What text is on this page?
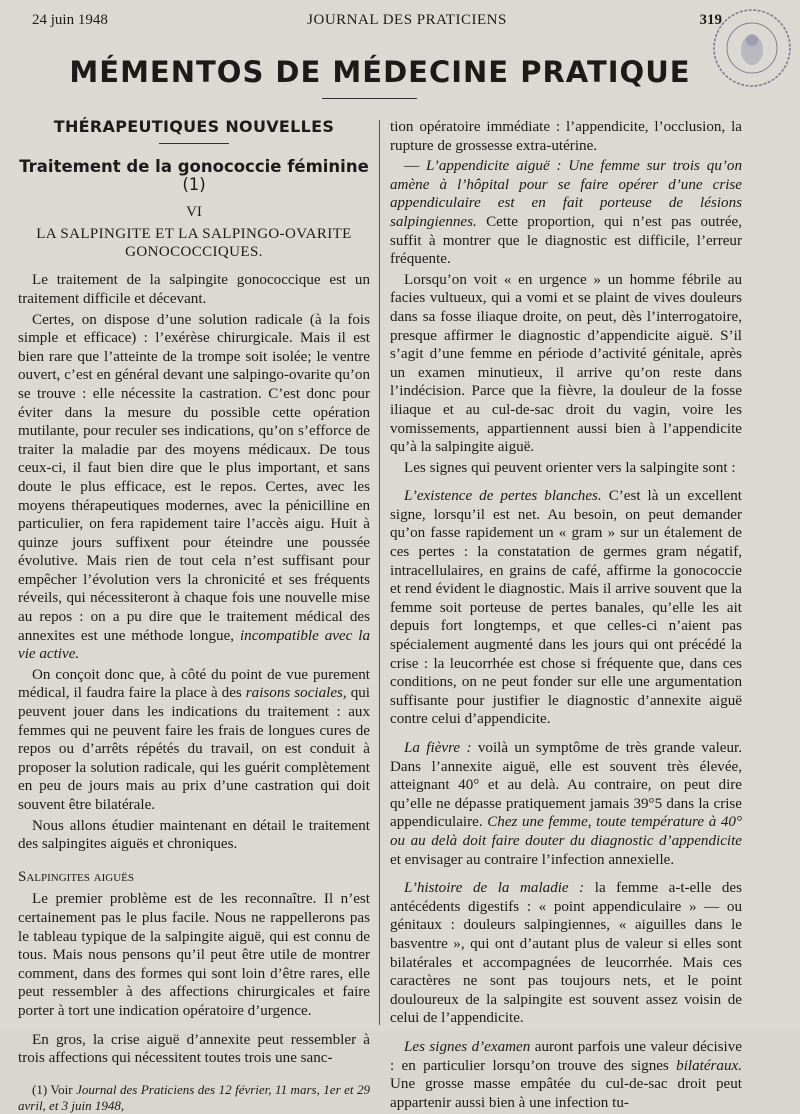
24 juin 1948	JOURNAL DES PRATICIENS	319
MÉMENTOS DE MÉDECINE PRATIQUE
THÉRAPEUTIQUES NOUVELLES
Traitement de la gonococcie féminine (1)
VI
LA SALPINGITE ET LA SALPINGO-OVARITE GONOCOCCIQUES.

Le traitement de la salpingite gonococcique est un traitement difficile et décevant.

Certes, on dispose d’une solution radicale (à la fois simple et efficace) : l’exérèse chirurgicale. Mais il est bien rare que l’atteinte de la trompe soit isolée; le ventre ouvert, c’est en général devant une salpingo-ovarite qu’on se trouve : elle nécessite la castration. C’est donc pour éviter dans la mesure du possible cette opération mutilante, pour reculer ses indications, qu’on s’efforce de traiter la maladie par des moyens médicaux. De tous ceux-ci, il faut bien dire que le plus important, et sans doute le plus efficace, est le repos. Certes, avec les moyens thérapeutiques modernes, avec la pénicilline en particulier, on fera rapidement taire l’accès aigu. Huit à quinze jours suffixent pour éteindre une poussée évolutive. Mais rien de tout cela n’est suffisant pour empêcher l’évolution vers la chronicité et ses fréquents réveils, qui nécessiteront à chaque fois une nouvelle mise au repos : on a pu dire que le traitement médical des annexites est une méthode longue, incompatible avec la vie active.

On conçoit donc que, à côté du point de vue purement médical, il faudra faire la place à des raisons sociales, qui peuvent jouer dans les indications du traitement : aux femmes qui ne peuvent faire les frais de longues cures de repos ou d’arrêts répétés du travail, on est conduit à proposer la solution radicale, qui les guérit complètement en peu de jours mais au prix d’une castration qui doit souvent être bilatérale.

Nous allons étudier maintenant en détail le traitement des salpingites aiguës et chroniques.

Salpingites aiguës

Le premier problème est de les reconnaître. Il n’est certainement pas le plus facile. Nous ne rappellerons pas le tableau typique de la salpingite aiguë, qui est connu de tous. Mais nous pensons qu’il peut être utile de montrer comment, dans des formes qui sont loin d’être rares, elle peut ressembler à des affections chirurgicales et faire porter à tort une indication opératoire d’urgence.

En gros, la crise aiguë d’annexite peut ressembler à trois affections qui nécessitent toutes trois une sanc-

(1) Voir Journal des Praticiens des 12 février, 11 mars, 1er et 29 avril, et 3 juin 1948,

tion opératoire immédiate : l’appendicite, l’occlusion, la rupture de grossesse extra-utérine.

— L’appendicite aiguë : Une femme sur trois qu’on amène à l’hôpital pour se faire opérer d’une crise appendiculaire est en fait porteuse de lésions salpingiennes. Cette proportion, qui n’est pas outrée, suffit à montrer que le diagnostic est difficile, l’erreur fréquente.

Lorsqu’on voit « en urgence » un homme fébrile au facies vultueux, qui a vomi et se plaint de vives douleurs dans sa fosse iliaque droite, on peut, dès l’interrogatoire, presque affirmer le diagnostic d’appendicite aiguë. S’il s’agit d’une femme en période d’activité génitale, après un examen minutieux, il arrive qu’on reste dans l’indécision. Parce que la fièvre, la douleur de la fosse iliaque et au cul-de-sac droit du vagin, voire les vomissements, appartiennent aussi bien à l’appendicite qu’à la salpingite aiguë.

Les signes qui peuvent orienter vers la salpingite sont :

L’existence de pertes blanches. C’est là un excellent signe, lorsqu’il est net. Au besoin, on peut demander qu’on fasse rapidement un « gram » sur un étalement de ces pertes : la constatation de germes gram négatif, intracellulaires, en grains de café, affirme la gonococcie et rend évident le diagnostic. Mais il arrive souvent que la femme soit porteuse de pertes banales, qu’elle les ait depuis fort longtemps, et que celles-ci n’aient pas spécialement augmenté dans les jours qui ont précédé la crise : la leucorrhée est chose si fréquente que, dans ces conditions, on ne peut fonder sur elle une argumentation suffisante pour justifier le diagnostic d’annexite aiguë contre celui d’appendicite.

La fièvre : voilà un symptôme de très grande valeur. Dans l’annexite aiguë, elle est souvent très élevée, atteignant 40° et au delà. Au contraire, on peut dire qu’elle ne dépasse pratiquement jamais 39°5 dans la crise appendiculaire. Chez une femme, toute température à 40° ou au delà doit faire douter du diagnostic d’appendicite et envisager au contraire l’infection annexielle.

L’histoire de la maladie : la femme a-t-elle des antécédents digestifs : « point appendiculaire » — ou génitaux : douleurs salpingiennes, « aiguilles dans le basventre », qui ont d’autant plus de valeur si elles sont bilatérales et accompagnées de leucorrhée. Mais ces caractères ne sont pas toujours nets, et le point douloureux de la salpingite est souvent assez voisin de celui de l’appendicite.

Les signes d’examen auront parfois une valeur décisive : en particulier lorsqu’on trouve des signes bilatéraux. Une grosse masse empâtée du cul-de-sac droit peut appartenir aussi bien à une infection tu-
